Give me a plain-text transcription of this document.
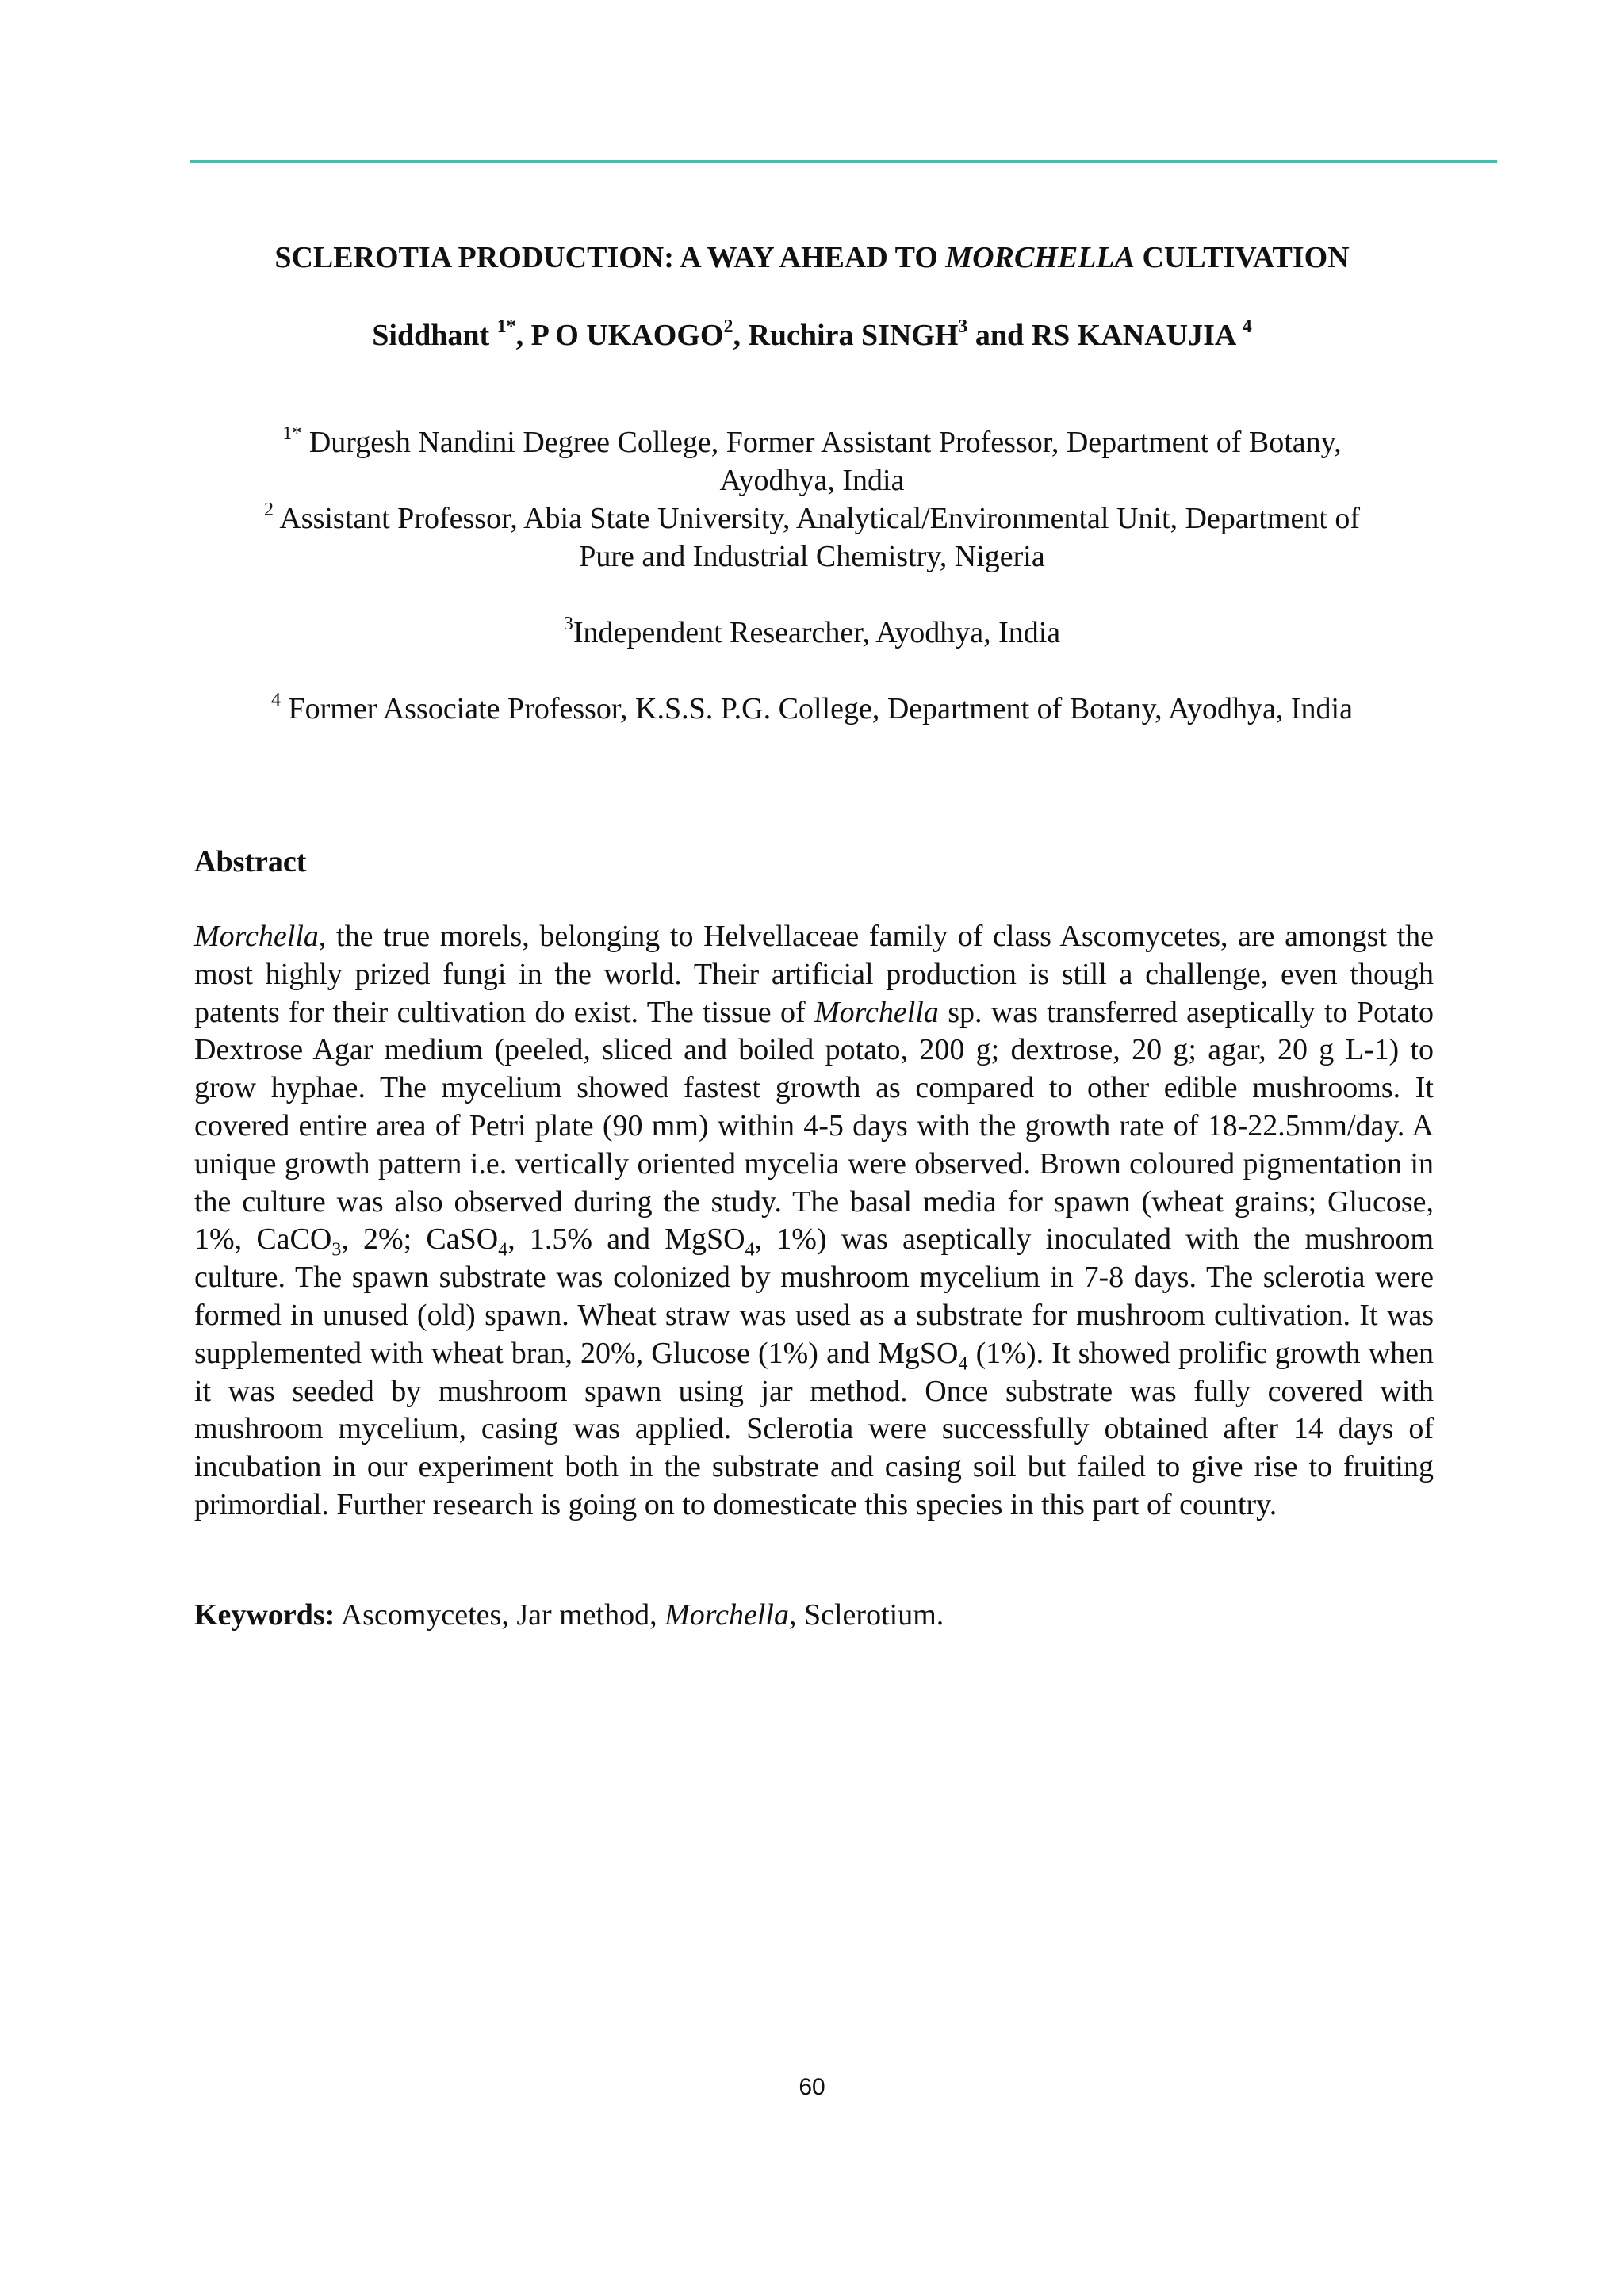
SCLEROTIA PRODUCTION: A WAY AHEAD TO MORCHELLA CULTIVATION
Siddhant $^{1*}$, P O UKAOGO$^2$, Ruchira SINGH$^3$ and RS KANAUJIA $^4$
$^{1*}$ Durgesh Nandini Degree College, Former Assistant Professor, Department of Botany,
Ayodhya, India
$^2$ Assistant Professor, Abia State University, Analytical/Environmental Unit, Department of
Pure and Industrial Chemistry, Nigeria
$^3$Independent Researcher, Ayodhya, India
$^4$ Former Associate Professor, K.S.S. P.G. College, Department of Botany, Ayodhya, India
Abstract
Morchella, the true morels, belonging to Helvellaceae family of class Ascomycetes, are amongst the most highly prized fungi in the world. Their artificial production is still a challenge, even though patents for their cultivation do exist. The tissue of Morchella sp. was transferred aseptically to Potato Dextrose Agar medium (peeled, sliced and boiled potato, 200 g; dextrose, 20 g; agar, 20 g L-1) to grow hyphae. The mycelium showed fastest growth as compared to other edible mushrooms. It covered entire area of Petri plate (90 mm) within 4-5 days with the growth rate of 18-22.5mm/day. A unique growth pattern i.e. vertically oriented mycelia were observed. Brown coloured pigmentation in the culture was also observed during the study. The basal media for spawn (wheat grains; Glucose, 1%, CaCO$_3$, 2%; CaSO$_4$, 1.5% and MgSO$_4$, 1%) was aseptically inoculated with the mushroom culture. The spawn substrate was colonized by mushroom mycelium in 7-8 days. The sclerotia were formed in unused (old) spawn. Wheat straw was used as a substrate for mushroom cultivation. It was supplemented with wheat bran, 20%, Glucose (1%) and MgSO$_4$ (1%). It showed prolific growth when it was seeded by mushroom spawn using jar method. Once substrate was fully covered with mushroom mycelium, casing was applied. Sclerotia were successfully obtained after 14 days of incubation in our experiment both in the substrate and casing soil but failed to give rise to fruiting primordial. Further research is going on to domesticate this species in this part of country.
Keywords: Ascomycetes, Jar method, Morchella, Sclerotium.
60
